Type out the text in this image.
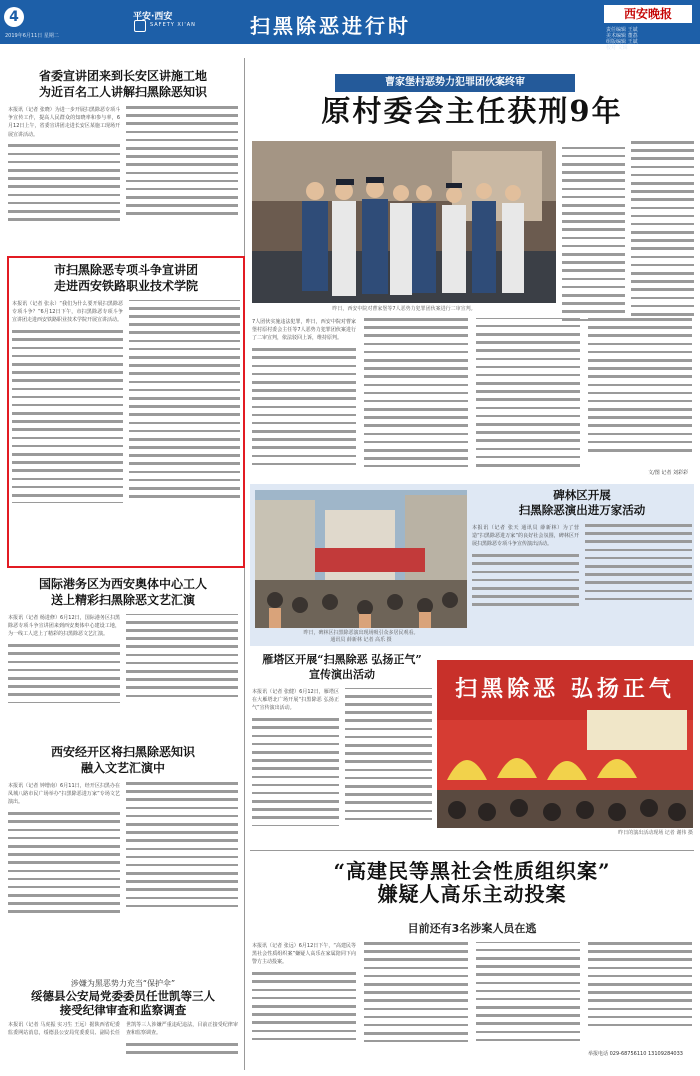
4
2019年6月11日 星期二
平安·西安
SAFETY XI'AN	扫黑除恶进行时	西安晚报
责任编辑 王斌
美术编辑 董荔
组版编辑 王斌
校对 文辑
省委宣讲团来到长安区讲施工地
为近百名工人讲解扫黑除恶知识
本报讯（记者 张晓）为进一步开展扫黑除恶专项斗争宣传工作，提高人民群众的知晓率和参与率，6月12日上午，省委宣讲团走进长安区某施工现场开展宣讲活动。
市扫黑除恶专项斗争宣讲团
走进西安铁路职业技术学院
本报讯（记者 张永）“我们为什么要开展扫黑除恶专项斗争？”6月12日下午，市扫黑除恶专项斗争宣讲团走进西安铁路职业技术学院开展宣讲活动。
国际港务区为西安奥体中心工人
送上精彩扫黑除恶文艺汇演
本报讯（记者 杨进修）6月12日，国际港务区扫黑除恶专项斗争宣讲团来到西安奥体中心建设工地，为一线工人送上了精彩的扫黑除恶文艺汇演。
西安经开区将扫黑除恶知识
融入文艺汇演中
本报讯（记者 钟增南）6月11日，经开区扫黑办在凤城八路市民广场举办“扫黑除恶进万家”专场文艺演出。
涉嫌为黑恶势力充当“保护伞”
绥德县公安局党委委员任世凯等三人
接受纪律审查和监察调查
本报讯（记者 马虎振 实习生 王远）据陕西省纪委监委网站消息，绥德县公安局党委委员、副局长任世凯等三人涉嫌严重违纪违法，目前正接受纪律审查和监察调查。
曹家堡村恶势力犯罪团伙案终审
原村委会主任获刑9年
昨日，西安中院对曹家堡等7人恶势力犯罪团伙案进行二审宣判。
7人团伙实施违法犯罪，昨日，西安中院对曹家堡村原村委会主任等7人恶势力犯罪团伙案进行了二审宣判，依法驳回上诉，维持原判。
文/图 记者 刘彩彩
昨日，碑林区扫黑除恶演出现场吸引众多居民观看。
通讯员 薛新林 记者 高乐 摄
碑林区开展
扫黑除恶演出进万家活动
本报讯（记者 张天 通讯员 薛新林）为了营造“扫黑除恶进万家”的良好社会氛围，碑林区开展扫黑除恶专项斗争宣传演出活动。
雁塔区开展“扫黑除恶 弘扬正气”
宣传演出活动
本报讯（记者 张健）6月12日，雁塔区在大雁塔北广场开展“扫黑除恶 弘扬正气”宣传演出活动。
扫黑除恶 弘扬正气
昨日的演出活动现场 记者 谢伟 摄
“高建民等黑社会性质组织案”
嫌疑人高乐主动投案
目前还有3名涉案人员在逃
本报讯（记者 张远）6月12日下午，“高建民等黑社会性质组织案”嫌疑人高乐在家属陪同下向警方主动投案。
举报电话 029-68756110 13109284033
